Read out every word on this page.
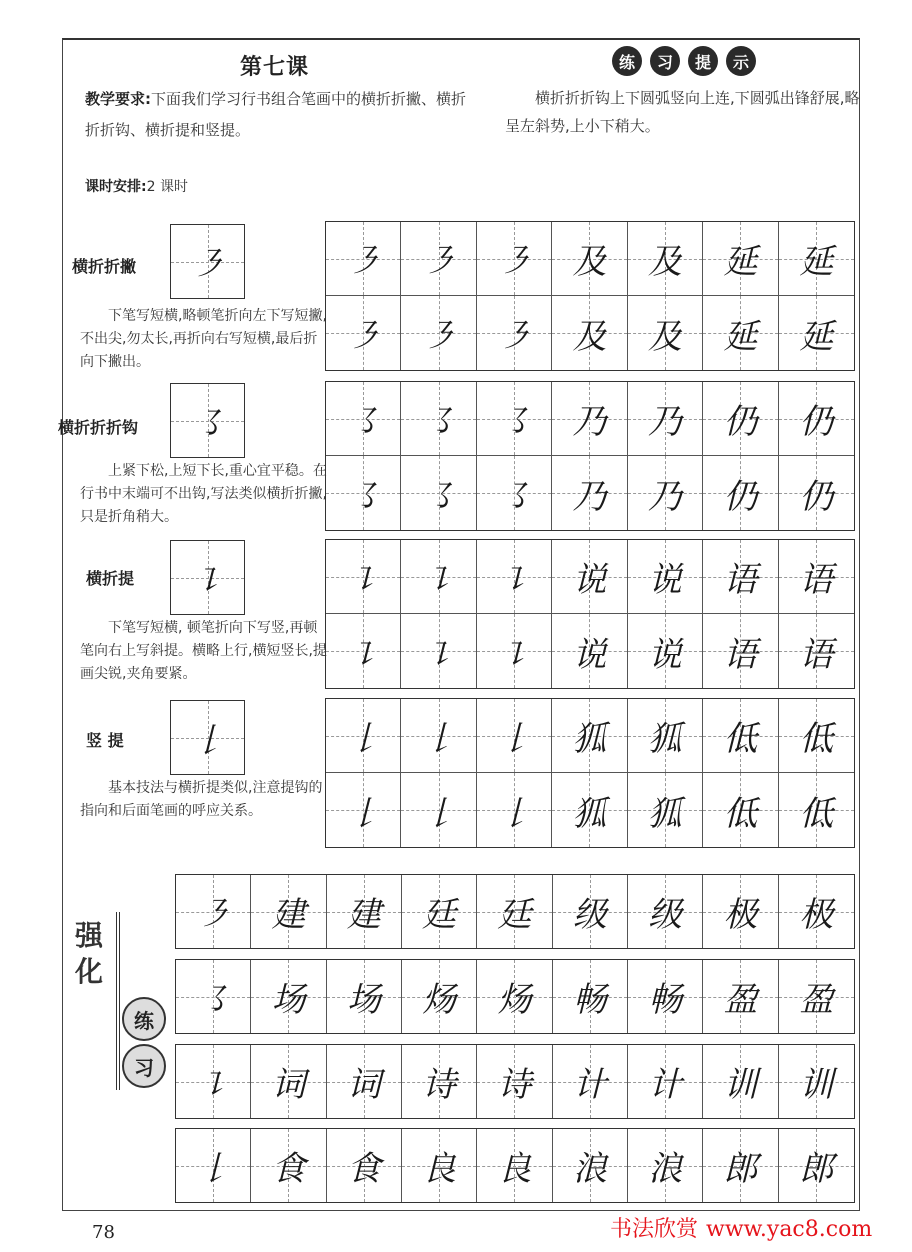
第七课
教学要求:下面我们学习行书组合笔画中的横折折撇、横折折折钩、横折提和竖提。
课时安排:2 课时
练	习	提	示
横折折折钩上下圆弧竖向上连,下圆弧出锋舒展,略呈左斜势,上小下稍大。
横折折撇 ㇋
下笔写短横,略顿笔折向左下写短撇,不出尖,勿太长,再折向右写短横,最后折向下撇出。
㇋ ㇋ ㇋ 及 及 延 延
㇋ ㇋ ㇋ 及 及 延 延
横折折折钩 ㇌
上紧下松,上短下长,重心宜平稳。在行书中末端可不出钩,写法类似横折折撇,只是折角稍大。
㇌ ㇌ ㇌ 乃 乃 仍 仍
㇌ ㇌ ㇌ 乃 乃 仍 仍
横折提 ㇊
下笔写短横, 顿笔折向下写竖,再顿笔向右上写斜提。横略上行,横短竖长,提画尖锐,夹角要紧。
㇊ ㇊ ㇊ 说 说 语 语
㇊ ㇊ ㇊ 说 说 语 语
竖 提 𠄌
基本技法与横折提类似,注意提钩的指向和后面笔画的呼应关系。
𠄌 𠄌 𠄌 狐 狐 低 低
𠄌 𠄌 𠄌 狐 狐 低 低
强化
练
习
㇋ 建 建 廷 廷 级 级 极 极
㇌ 场 场 炀 炀 畅 畅 盈 盈
㇊ 词 词 诗 诗 计 计 训 训
𠄌 食 食 良 良 浪 浪 郎 郎
78	书法欣赏 www.yac8.com
